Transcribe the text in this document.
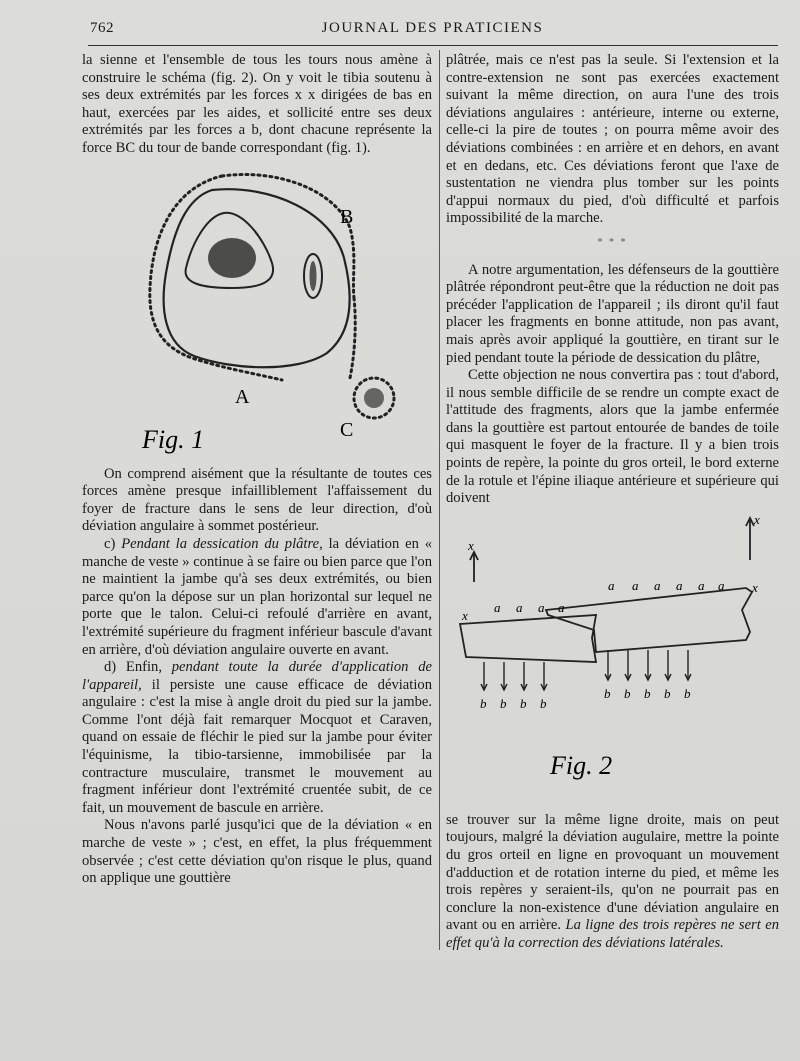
762	JOURNAL DES PRATICIENS

la sienne et l'ensemble de tous les tours nous amène à construire le schéma (fig. 2). On y voit le tibia soutenu à ses deux extrémités par les forces x x dirigées de bas en haut, exercées par les aides, et sollicité entre ses deux extrémités par les forces a b, dont chacune représente la force BC du tour de bande correspondant (fig. 1).

B
A
C
Fig. 1

On comprend aisément que la résultante de toutes ces forces amène presque infailliblement l'affaissement du foyer de fracture dans le sens de leur direction, d'où déviation angulaire à sommet postérieur.

c) Pendant la dessication du plâtre, la déviation en « manche de veste » continue à se faire ou bien parce que l'on ne maintient la jambe qu'à ses deux extrémités, ou bien parce qu'on la dépose sur un plan horizontal sur lequel ne porte que le talon. Celui-ci refoulé d'arrière en avant, l'extrémité supérieure du fragment inférieur bascule d'avant en arrière, d'où déviation angulaire ouverte en avant.

d) Enfin, pendant toute la durée d'application de l'appareil, il persiste une cause efficace de déviation angulaire : c'est la mise à angle droit du pied sur la jambe. Comme l'ont déjà fait remarquer Mocquot et Caraven, quand on essaie de fléchir le pied sur la jambe pour éviter l'équinisme, la tibio-tarsienne, immobilisée par la contracture musculaire, transmet le mouvement au fragment inférieur dont l'extrémité cruentée subit, de ce fait, un mouvement de bascule en arrière.

Nous n'avons parlé jusqu'ici que de la déviation « en marche de veste » ; c'est, en effet, la plus fréquemment observée ; c'est cette déviation qu'on risque le plus, quand on applique une gouttière

plâtrée, mais ce n'est pas la seule. Si l'extension et la contre-extension ne sont pas exercées exactement suivant la même direction, on aura l'une des trois déviations angulaires : antérieure, interne ou externe, celle-ci la pire de toutes ; on pourra même avoir des déviations combinées : en arrière et en dehors, en avant et en dedans, etc. Ces déviations feront que l'axe de sustentation ne viendra plus tomber sur les points d'appui normaux du pied, d'où difficulté et parfois impossibilité de la marche.

* * *

A notre argumentation, les défenseurs de la gouttière plâtrée répondront peut-être que la réduction ne doit pas précéder l'application de l'appareil ; ils diront qu'il faut placer les fragments en bonne attitude, non pas avant, mais après avoir appliqué la gouttière, en tirant sur le pied pendant toute la période de dessication du plâtre,

Cette objection ne nous convertira pas : tout d'abord, il nous semble difficile de se rendre un compte exact de l'attitude des fragments, alors que la jambe enfermée dans la gouttière est partout entourée de bandes de toile qui masquent le foyer de la fracture. Il y a bien trois points de repère, la pointe du gros orteil, le bord externe de la rotule et l'épine iliaque antérieure et supérieure qui doivent

x
x
x
x
a a a a
a a a a a a
b b b b
b b b b b
Fig. 2

se trouver sur la même ligne droite, mais on peut toujours, malgré la déviation augulaire, mettre la pointe du gros orteil en ligne en provoquant un mouvement d'adduction et de rotation interne du pied, et même les trois repères y seraient-ils, qu'on ne pourrait pas en conclure la non-existence d'une déviation angulaire en avant ou en arrière. La ligne des trois repères ne sert en effet qu'à la correction des déviations latérales.
